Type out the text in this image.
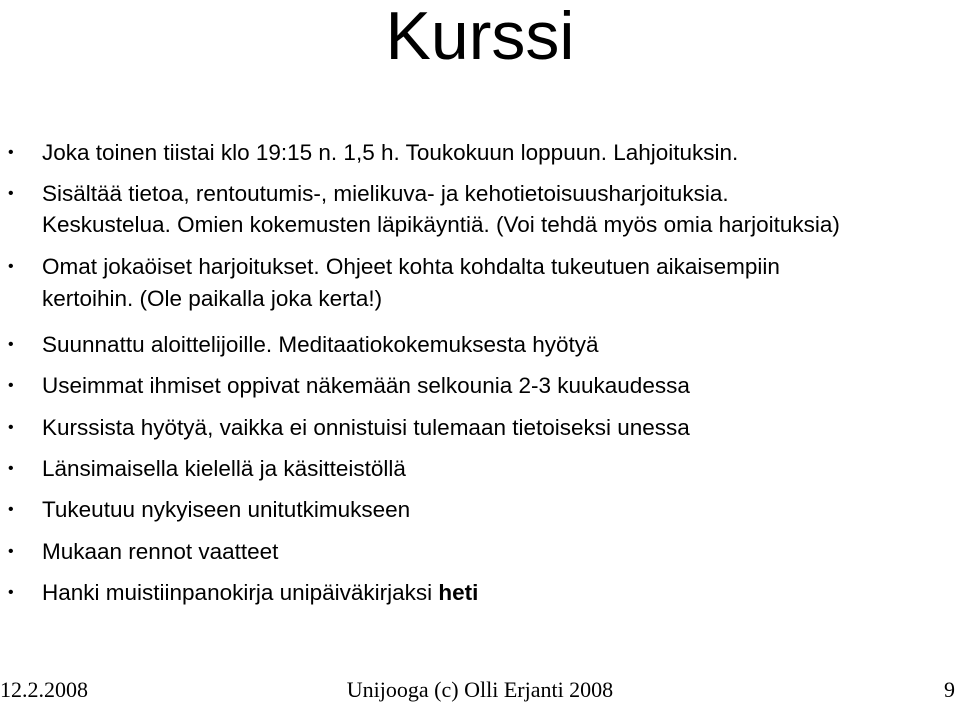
Kurssi
• Joka toinen tiistai klo 19:15 n. 1,5 h. Toukokuun loppuun. Lahjoituksin.
• Sisältää tietoa, rentoutumis-, mielikuva- ja kehotietoisuusharjoituksia.
Keskustelua. Omien kokemusten läpikäyntiä. (Voi tehdä myös omia harjoituksia)
• Omat jokaöiset harjoitukset. Ohjeet kohta kohdalta tukeutuen aikaisempiin
kertoihin. (Ole paikalla joka kerta!)
• Suunnattu aloittelijoille. Meditaatiokokemuksesta hyötyä
• Useimmat ihmiset oppivat näkemään selkounia 2-3 kuukaudessa
• Kurssista hyötyä, vaikka ei onnistuisi tulemaan tietoiseksi unessa
• Länsimaisella kielellä ja käsitteistöllä
• Tukeutuu nykyiseen unitutkimukseen
• Mukaan rennot vaatteet
• Hanki muistiinpanokirja unipäiväkirjaksi heti
12.2.2008	Unijooga (c) Olli Erjanti 2008	9
